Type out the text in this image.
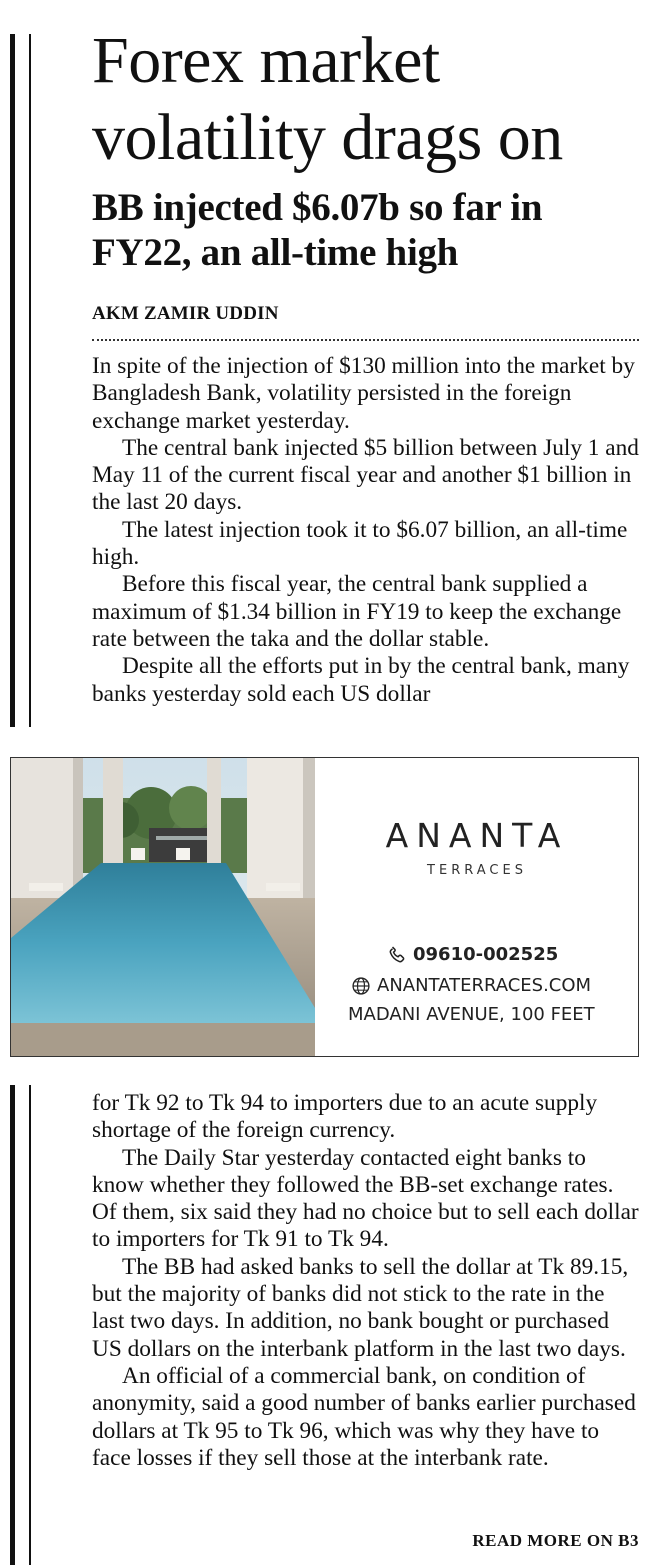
Forex market volatility drags on
BB injected $6.07b so far in FY22, an all-time high
AKM ZAMIR UDDIN

In spite of the injection of $130 million into the market by Bangladesh Bank, volatility persisted in the foreign exchange market yesterday.

The central bank injected $5 billion between July 1 and May 11 of the current fiscal year and another $1 billion in the last 20 days.

The latest injection took it to $6.07 billion, an all-time high.

Before this fiscal year, the central bank supplied a maximum of $1.34 billion in FY19 to keep the exchange rate between the taka and the dollar stable.

Despite all the efforts put in by the central bank, many banks yesterday sold each US dollar

ANANTA
TERRACES
09610-002525
ANANTATERRACES.COM
MADANI AVENUE, 100 FEET

for Tk 92 to Tk 94 to importers due to an acute supply shortage of the foreign currency.

The Daily Star yesterday contacted eight banks to know whether they followed the BB-set exchange rates. Of them, six said they had no choice but to sell each dollar to importers for Tk 91 to Tk 94.

The BB had asked banks to sell the dollar at Tk 89.15, but the majority of banks did not stick to the rate in the last two days. In addition, no bank bought or purchased US dollars on the interbank platform in the last two days.

An official of a commercial bank, on condition of anonymity, said a good number of banks earlier purchased dollars at Tk 95 to Tk 96, which was why they have to face losses if they sell those at the interbank rate.

READ MORE ON B3
